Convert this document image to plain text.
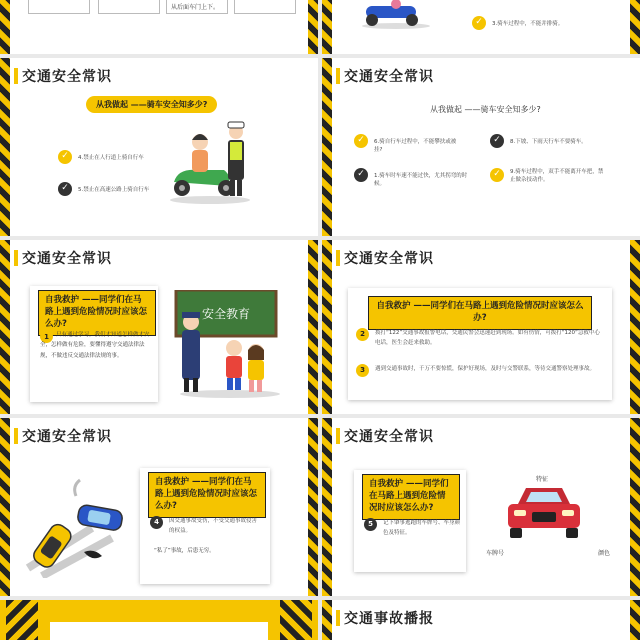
从后面车门上下。
✓	3.骑车过程中，不能并排骑。
交通安全常识
从我做起 ——骑车安全知多少?
✓	4.禁止在人行道上骑自行车
✓	5.禁止在高速公路上骑自行车
交通安全常识
从我做起 ——骑车安全知多少?
✓	6.骑自行车过程中，不能攀扶或被挂?
✓	8.下坡、下雨天行车不要骑车。
✓	1.骑车时车速不能过快，尤其拐弯的时候。
✓	9.骑车过程中，双手不能离开车把，禁止做杂技动作。
交通安全常识
自我救护 ——同学们在马路上遇到危险情况时应该怎么办?
1	只有通过学习，我们才知道怎样做才安全，怎样做有危险，要懂得遵守交通法律法规，不做违反交通法律法规的事。
安全教育
交通安全常识
自我救护 ——同学们在马路上遇到危险情况时应该怎么办?
2	拨打“122”交通事故报警电话，交通民警会迅速赶到现场。如有伤情，可拨打“120”急救中心电话，医生会赶来救助。
3	遇到交通事故时，千万不要惊慌，保护好现场，及时与交警联系，等待交通警察处理事故。
交通安全常识
自我救护 ——同学们在马路上遇到危险情况时应该怎么办?
4	因交通事故受伤，不受交通事故侵害的权益。
“私了”事故，后患无穷。
交通安全常识
自我救护 ——同学们在马路上遇到危险情况时应该怎么办?
5	记下肇事逃跑的车牌号、车身颜色及特征。
特征
车牌号	颜色
交通事故播报
